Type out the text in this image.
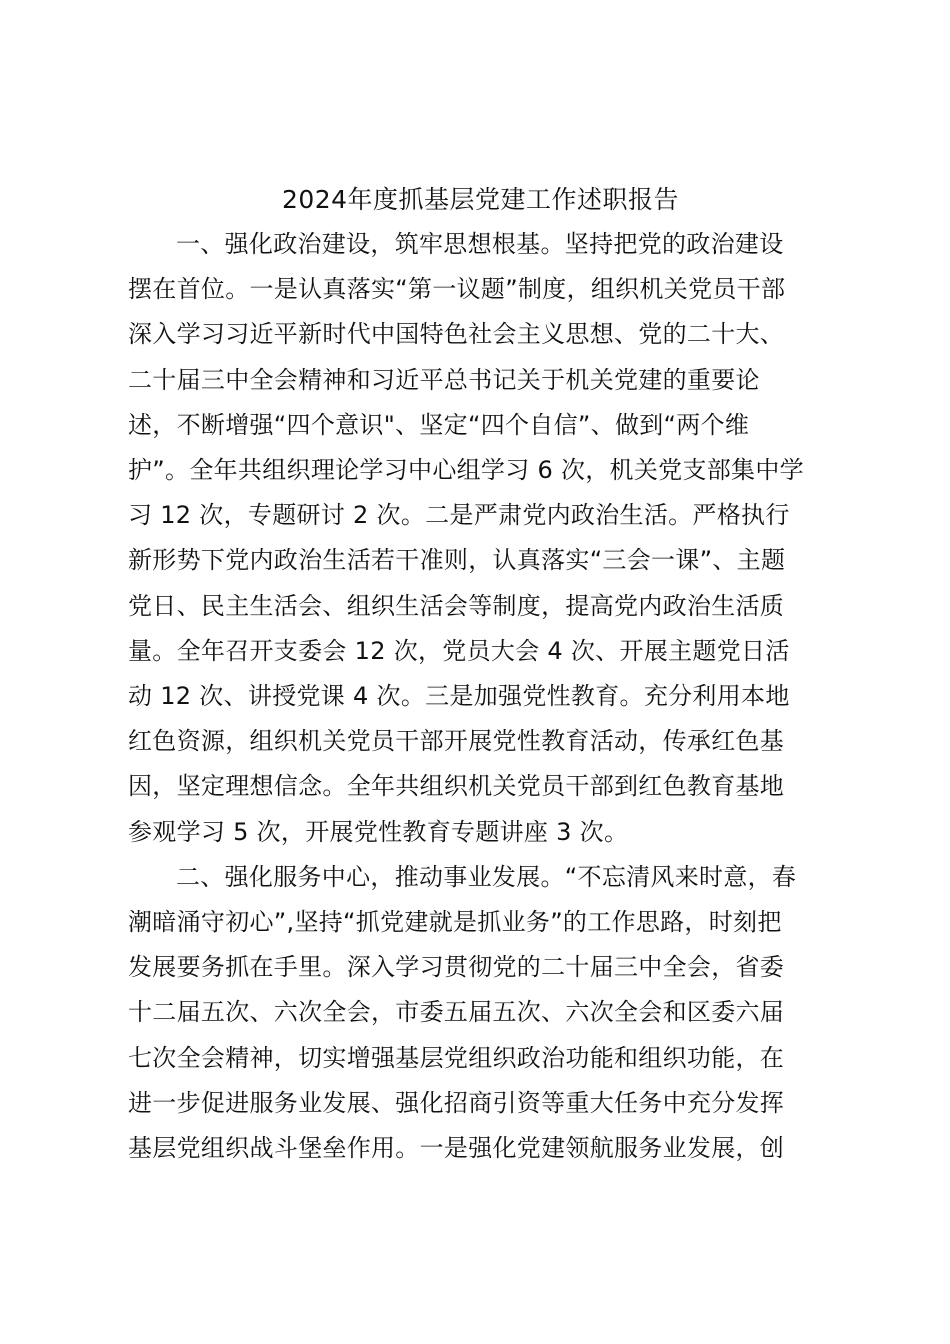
2024年度抓基层党建工作述职报告
一、强化政治建设，筑牢思想根基。坚持把党的政治建设
摆在首位。一是认真落实“第一议题”制度，组织机关党员干部
深入学习习近平新时代中国特色社会主义思想、党的二十大、
二十届三中全会精神和习近平总书记关于机关党建的重要论
述，不断增强“四个意识"、坚定“四个自信”、做到“两个维
护”。全年共组织理论学习中心组学习 6 次，机关党支部集中学
习 12 次，专题研讨 2 次。二是严肃党内政治生活。严格执行
新形势下党内政治生活若干准则，认真落实“三会一课”、主题
党日、民主生活会、组织生活会等制度，提高党内政治生活质
量。全年召开支委会 12 次，党员大会 4 次、开展主题党日活
动 12 次、讲授党课 4 次。三是加强党性教育。充分利用本地
红色资源，组织机关党员干部开展党性教育活动，传承红色基
因，坚定理想信念。全年共组织机关党员干部到红色教育基地
参观学习 5 次，开展党性教育专题讲座 3 次。
二、强化服务中心，推动事业发展。“不忘清风来时意，春
潮暗涌守初心”,坚持“抓党建就是抓业务”的工作思路，时刻把
发展要务抓在手里。深入学习贯彻党的二十届三中全会，省委
十二届五次、六次全会，市委五届五次、六次全会和区委六届
七次全会精神，切实增强基层党组织政治功能和组织功能，在
进一步促进服务业发展、强化招商引资等重大任务中充分发挥
基层党组织战斗堡垒作用。一是强化党建领航服务业发展，创
